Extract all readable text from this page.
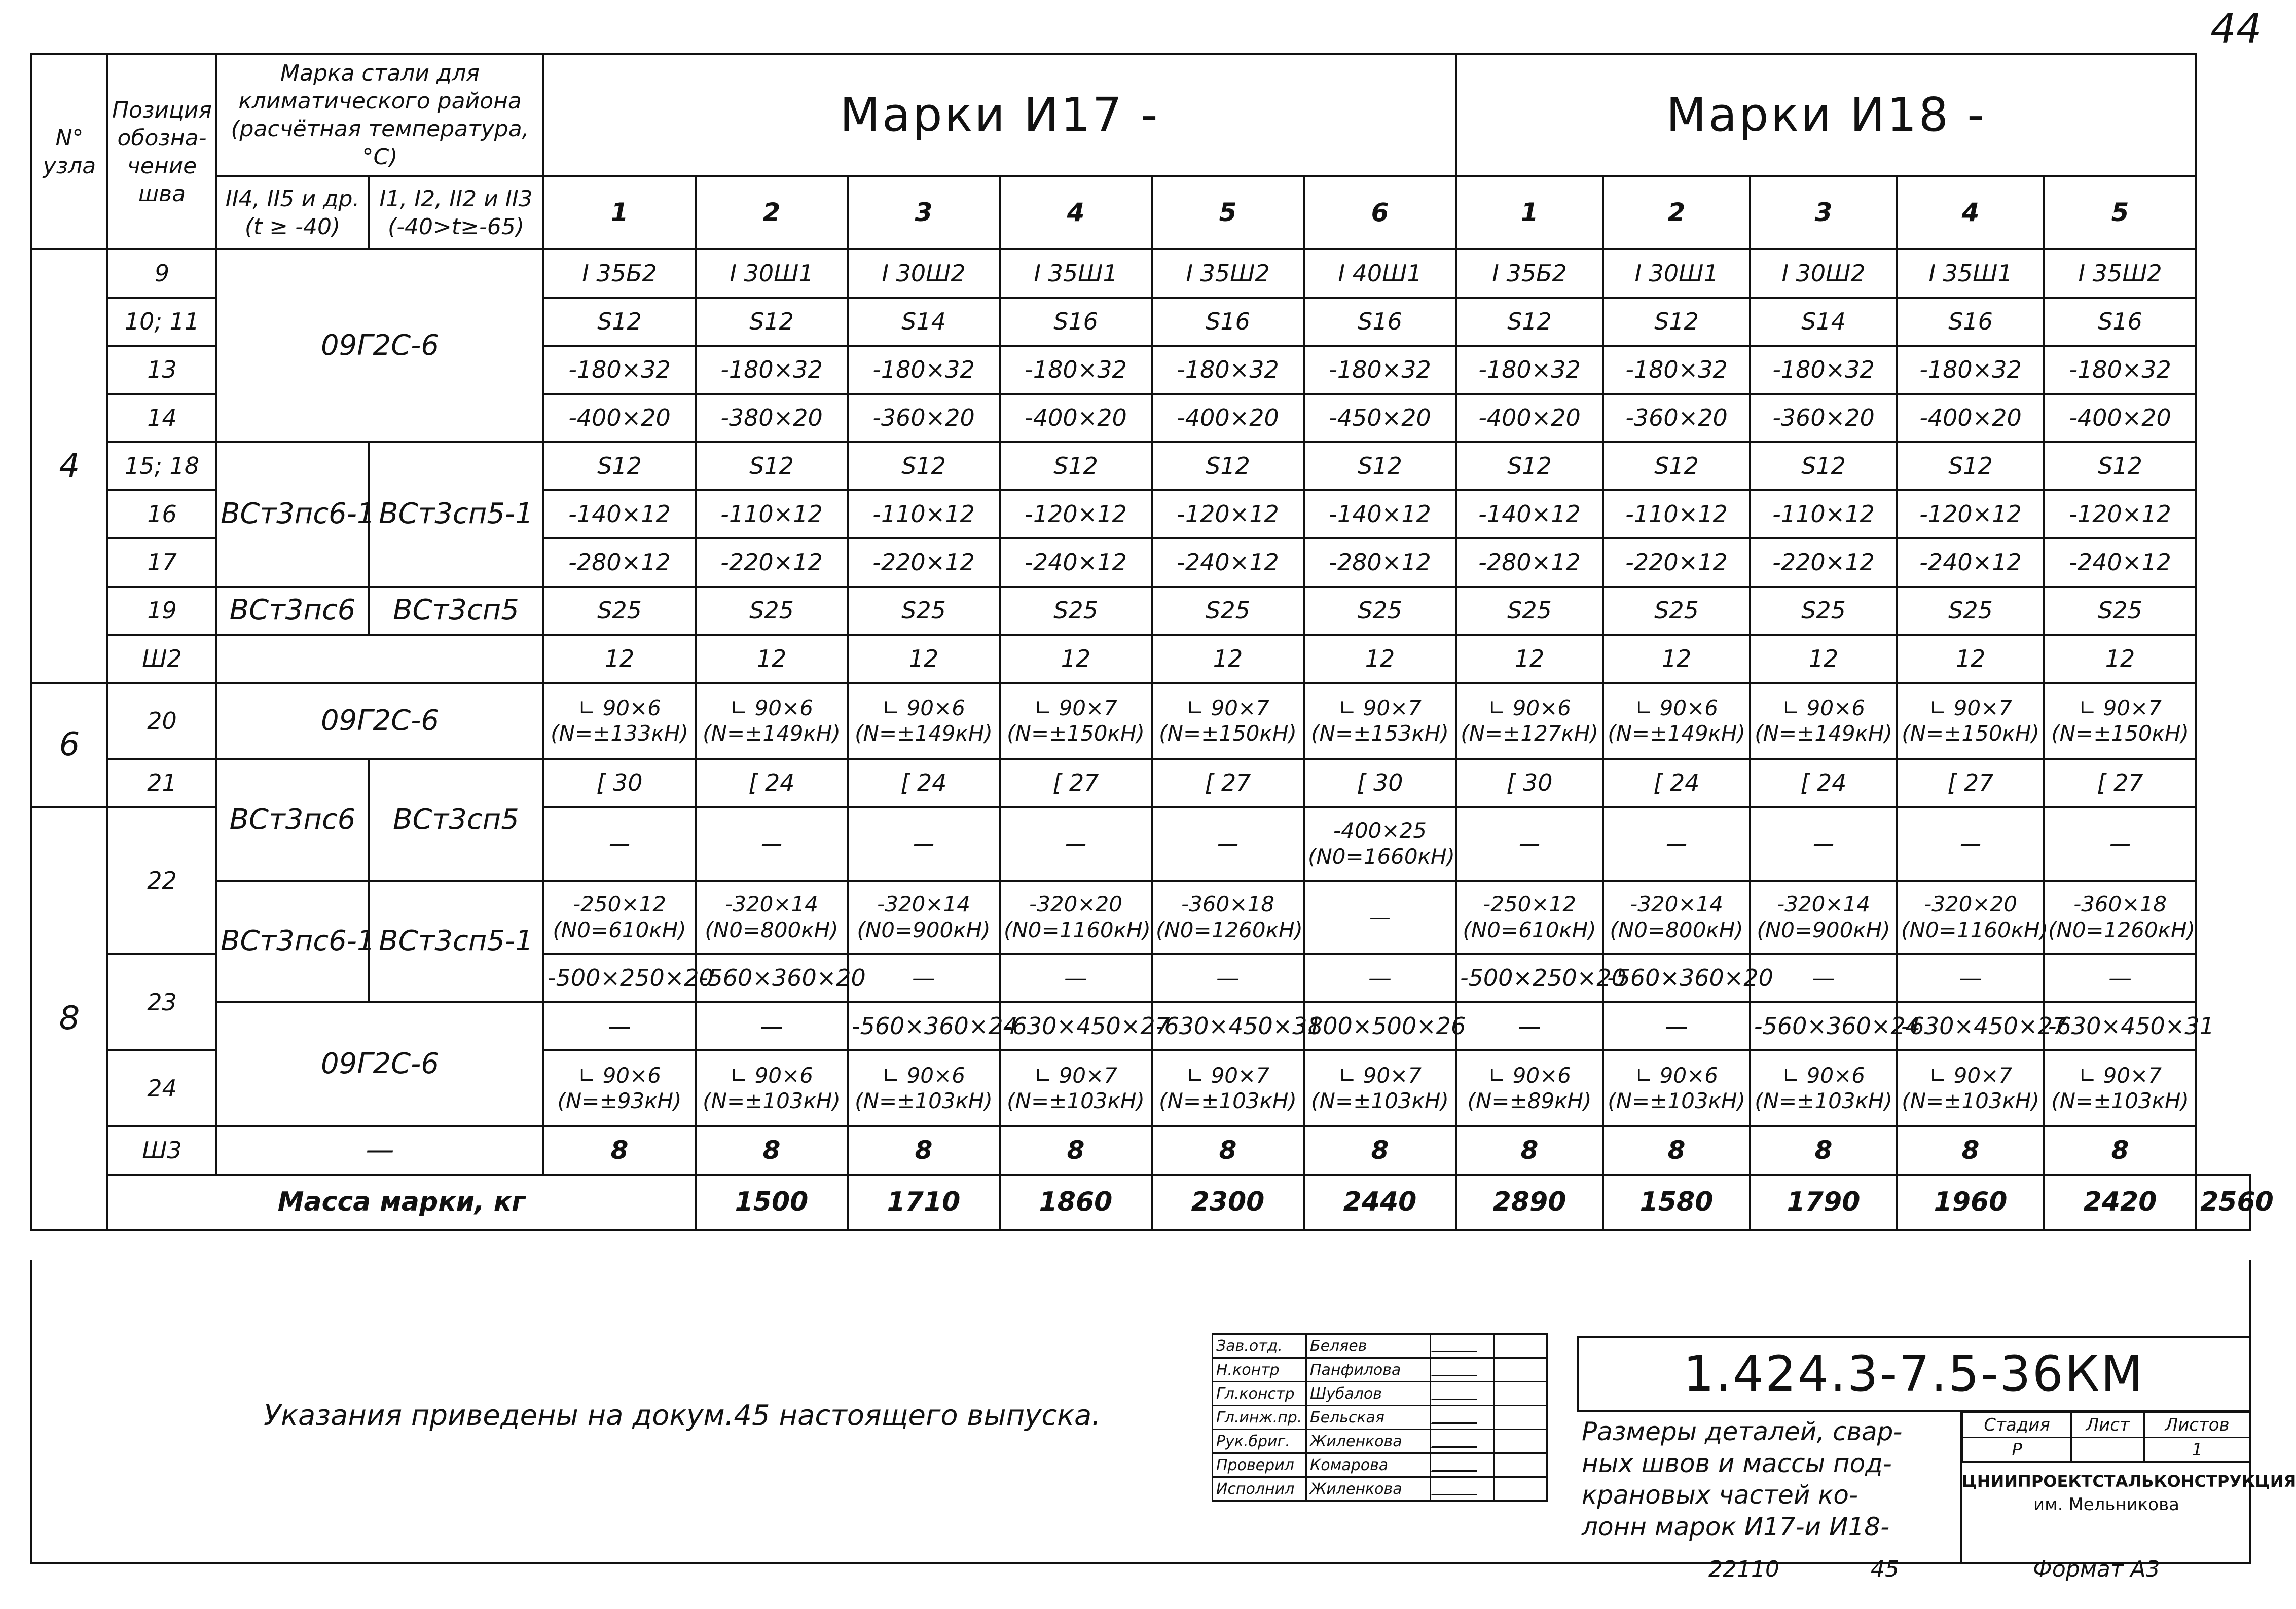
44
N° узла	Позиция обозна-чение шва	Марка стали для климатического района (расчётная температура,°С)		Марки И17 -						Марки И18 -					
		II4, II5 и др. (t ≥ -40)	I1, I2, II2 и II3 (-40>t≥-65)	1	2	3	4	5	6	1	2	3	4	5	
4	9	09Г2С-6		I 35Б2	I 30Ш1	I 30Ш2	I 35Ш1	I 35Ш2	I 40Ш1	I 35Б2	I 30Ш1	I 30Ш2	I 35Ш1	I 35Ш2	
	10; 11			S12	S12	S14	S16	S16	S16	S12	S12	S14	S16	S16	
	13			-180×32	-180×32	-180×32	-180×32	-180×32	-180×32	-180×32	-180×32	-180×32	-180×32	-180×32	
	14			-400×20	-380×20	-360×20	-400×20	-400×20	-450×20	-400×20	-360×20	-360×20	-400×20	-400×20	
	15; 18	ВСт3пс6-1	ВСт3сп5-1	S12	S12	S12	S12	S12	S12	S12	S12	S12	S12	S12	
	16			-140×12	-110×12	-110×12	-120×12	-120×12	-140×12	-140×12	-110×12	-110×12	-120×12	-120×12	
	17			-280×12	-220×12	-220×12	-240×12	-240×12	-280×12	-280×12	-220×12	-220×12	-240×12	-240×12	
	19	ВСт3пс6	ВСт3сп5	S25	S25	S25	S25	S25	S25	S25	S25	S25	S25	S25	
	Ш2			12	12	12	12	12	12	12	12	12	12	12	
6	20	09Г2С-6		∟ 90×6 (N=±133кН)	∟ 90×6 (N=±149кН)	∟ 90×6 (N=±149кН)	∟ 90×7 (N=±150кН)	∟ 90×7 (N=±150кН)	∟ 90×7 (N=±153кН)	∟ 90×6 (N=±127кН)	∟ 90×6 (N=±149кН)	∟ 90×6 (N=±149кН)	∟ 90×7 (N=±150кН)	∟ 90×7 (N=±150кН)	
	21	ВСт3пс6	ВСт3сп5	[ 30	[ 24	[ 24	[ 27	[ 27	[ 30	[ 30	[ 24	[ 24	[ 27	[ 27	
8	22			—	—	—	—	—	-400×25 (N0=1660кН)	—	—	—	—	—	
		ВСт3пс6-1	ВСт3сп5-1	-250×12 (N0=610кН)	-320×14 (N0=800кН)	-320×14 (N0=900кН)	-320×20 (N0=1160кН)	-360×18 (N0=1260кН)	—	-250×12 (N0=610кН)	-320×14 (N0=800кН)	-320×14 (N0=900кН)	-320×20 (N0=1160кН)	-360×18 (N0=1260кН)	
	23			-500×250×20	-560×360×20	—	—	—	—	-500×250×20	-560×360×20	—	—	—	
		09Г2С-6		—	—	-560×360×24	-630×450×27	-630×450×31	800×500×26	—	—	-560×360×24	-630×450×27	-630×450×31	
	24			∟ 90×6 (N=±93кН)	∟ 90×6 (N=±103кН)	∟ 90×6 (N=±103кН)	∟ 90×7 (N=±103кН)	∟ 90×7 (N=±103кН)	∟ 90×7 (N=±103кН)	∟ 90×6 (N=±89кН)	∟ 90×6 (N=±103кН)	∟ 90×6 (N=±103кН)	∟ 90×7 (N=±103кН)	∟ 90×7 (N=±103кН)	
	Ш3	—		8	8	8	8	8	8	8	8	8	8	8	
	Масса марки, кг				1500	1710	1860	2300	2440	2890	1580	1790	1960	2420	2560
Указания приведены на докум.45 настоящего выпуска.
Зав.отд.	Беляев		
Н.контр	Панфилова		
Гл.констр	Шубалов		
Гл.инж.пр.	Бельская		
Рук.бриг.	Жиленкова		
Проверил	Комарова		
Исполнил	Жиленкова		
1.424.3-7.5-36КМ
Размеры деталей, свар-
ных швов и массы под-
крановых частей ко-
лонн марок И17-и И18-
Стадия	Лист	Листов
Р		1
ЦНИИПРОЕКТСТАЛЬКОНСТРУКЦИЯ
им. Мельникова
22110	45	Формат А3
